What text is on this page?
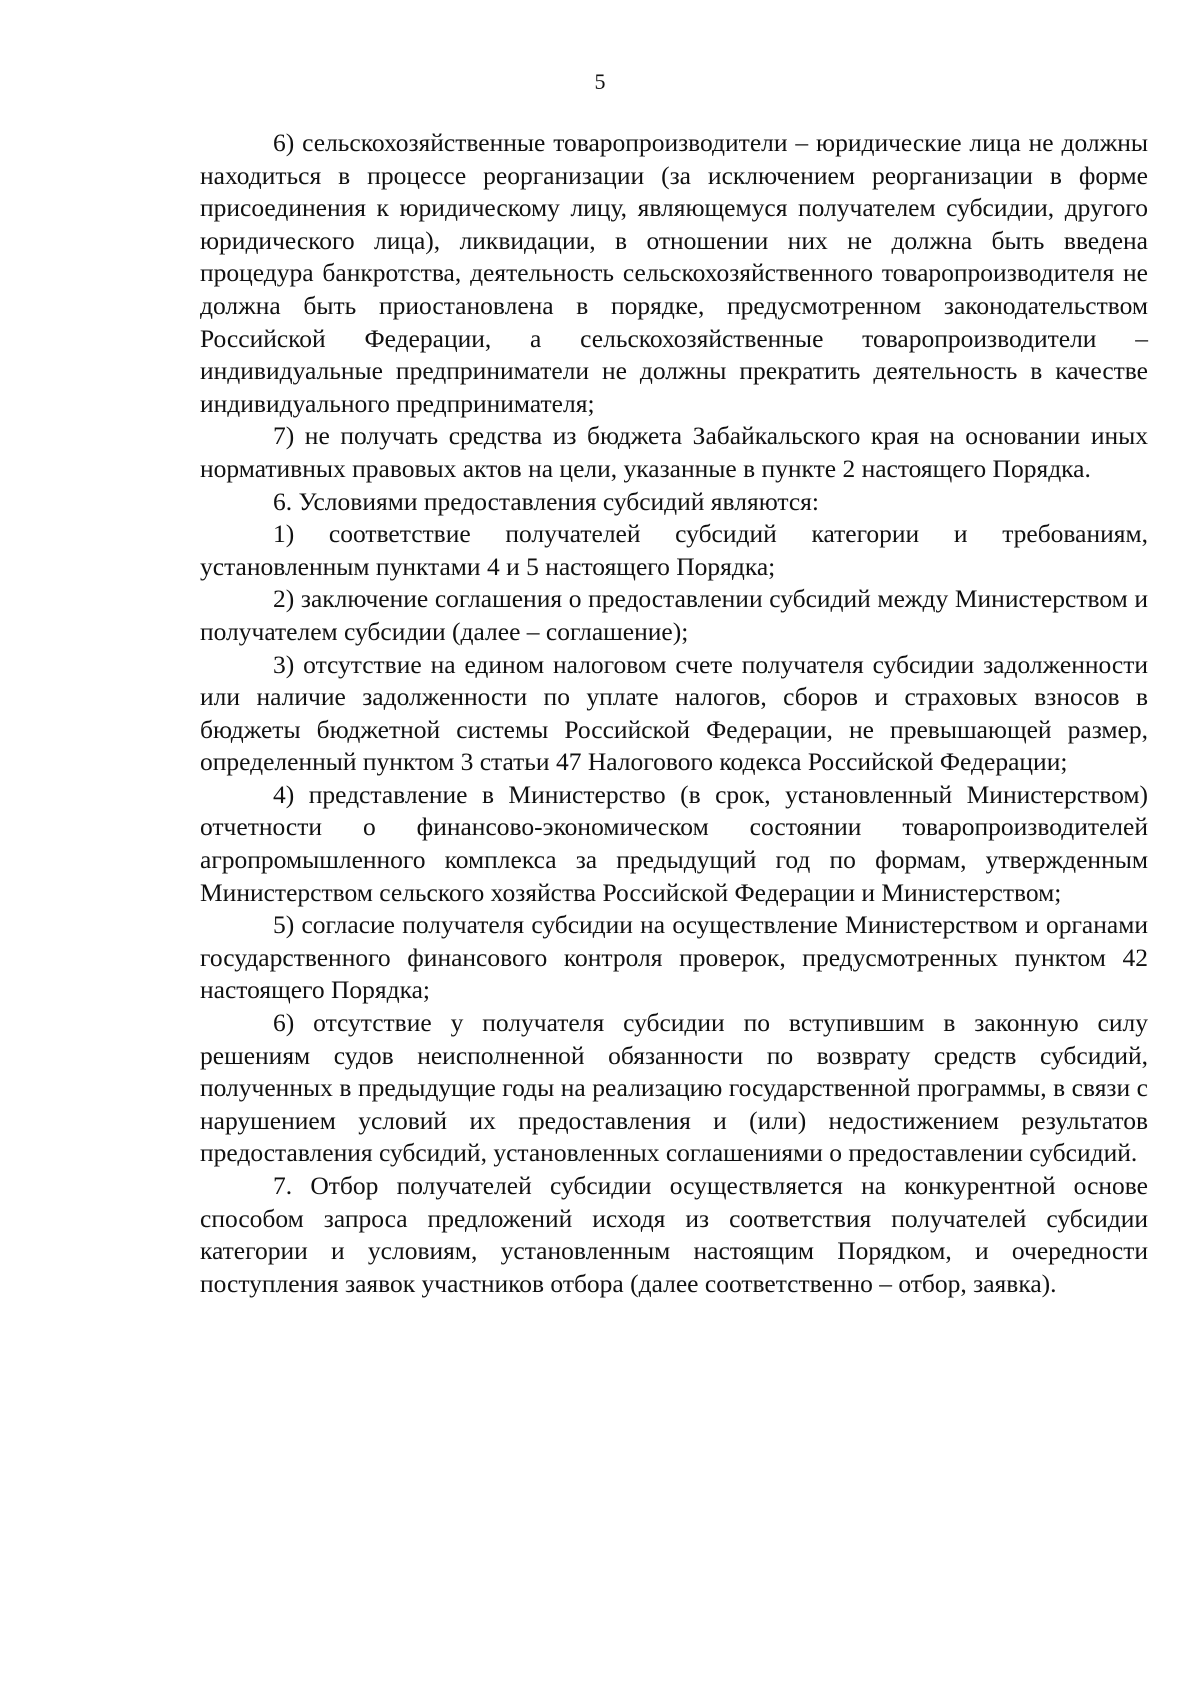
5

6) сельскохозяйственные товаропроизводители – юридические лица не должны находиться в процессе реорганизации (за исключением реорганизации в форме присоединения к юридическому лицу, являющемуся получателем субсидии, другого юридического лица), ликвидации, в отношении них не должна быть введена процедура банкротства, деятельность сельскохозяйственного товаропроизводителя не должна быть приостановлена в порядке, предусмотренном законодательством Российской Федерации, а сельскохозяйственные товаропроизводители – индивидуальные предприниматели не должны прекратить деятельность в качестве индивидуального предпринимателя;

7) не получать средства из бюджета Забайкальского края на основании иных нормативных правовых актов на цели, указанные в пункте 2 настоящего Порядка.

6. Условиями предоставления субсидий являются:

1) соответствие получателей субсидий категории и требованиям, установленным пунктами 4 и 5 настоящего Порядка;

2) заключение соглашения о предоставлении субсидий между Министерством и получателем субсидии (далее – соглашение);

3) отсутствие на едином налоговом счете получателя субсидии задолженности или наличие задолженности по уплате налогов, сборов и страховых взносов в бюджеты бюджетной системы Российской Федерации, не превышающей размер, определенный пунктом 3 статьи 47 Налогового кодекса Российской Федерации;

4) представление в Министерство (в срок, установленный Министерством) отчетности о финансово-экономическом состоянии товаропроизводителей агропромышленного комплекса за предыдущий год по формам, утвержденным Министерством сельского хозяйства Российской Федерации и Министерством;

5) согласие получателя субсидии на осуществление Министерством и органами государственного финансового контроля проверок, предусмотренных пунктом 42 настоящего Порядка;

6) отсутствие у получателя субсидии по вступившим в законную силу решениям судов неисполненной обязанности по возврату средств субсидий, полученных в предыдущие годы на реализацию государственной программы, в связи с нарушением условий их предоставления и (или) недостижением результатов предоставления субсидий, установленных соглашениями о предоставлении субсидий.

7. Отбор получателей субсидии осуществляется на конкурентной основе способом запроса предложений исходя из соответствия получателей субсидии категории и условиям, установленным настоящим Порядком, и очередности поступления заявок участников отбора (далее соответственно – отбор, заявка).
